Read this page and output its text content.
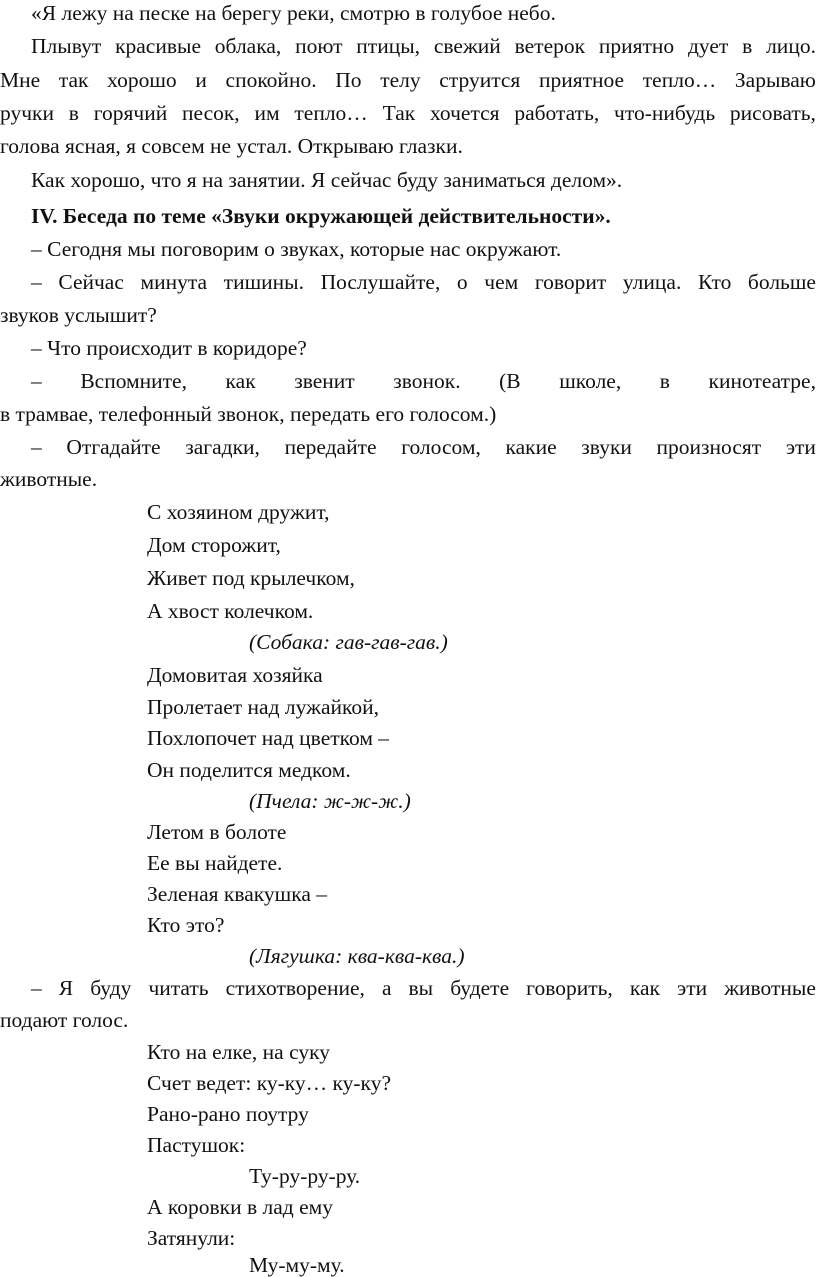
«Я лежу на песке на берегу реки, смотрю в голубое небо.
Плывут красивые облака, поют птицы, свежий ветерок приятно дует в лицо.
Мне так хорошо и спокойно. По телу струится приятное тепло… Зарываю
ручки в горячий песок, им тепло… Так хочется работать, что-нибудь рисовать,
голова ясная, я совсем не устал. Открываю глазки.
Как хорошо, что я на занятии. Я сейчас буду заниматься делом».
IV. Беседа по теме «Звуки окружающей действительности».
– Сегодня мы поговорим о звуках, которые нас окружают.
– Сейчас минута тишины. Послушайте, о чем говорит улица. Кто больше
звуков услышит?
– Что происходит в коридоре?
– Вспомните, как звенит звонок. (В школе, в кинотеатре,
в трамвае, телефонный звонок, передать его голосом.)
– Отгадайте загадки, передайте голосом, какие звуки произносят эти
животные.
С хозяином дружит,
Дом сторожит,
Живет под крылечком,
А хвост колечком.
(Собака: гав-гав-гав.)
Домовитая хозяйка
Пролетает над лужайкой,
Похлопочет над цветком –
Он поделится медком.
(Пчела: ж-ж-ж.)
Летом в болоте
Ее вы найдете.
Зеленая квакушка –
Кто это?
(Лягушка: ква-ква-ква.)
– Я буду читать стихотворение, а вы будете говорить, как эти животные
подают голос.
Кто на елке, на суку
Счет ведет: ку-ку… ку-ку?
Рано-рано поутру
Пастушок:
Ту-ру-ру-ру.
А коровки в лад ему
Затянули:
Му-му-му.
